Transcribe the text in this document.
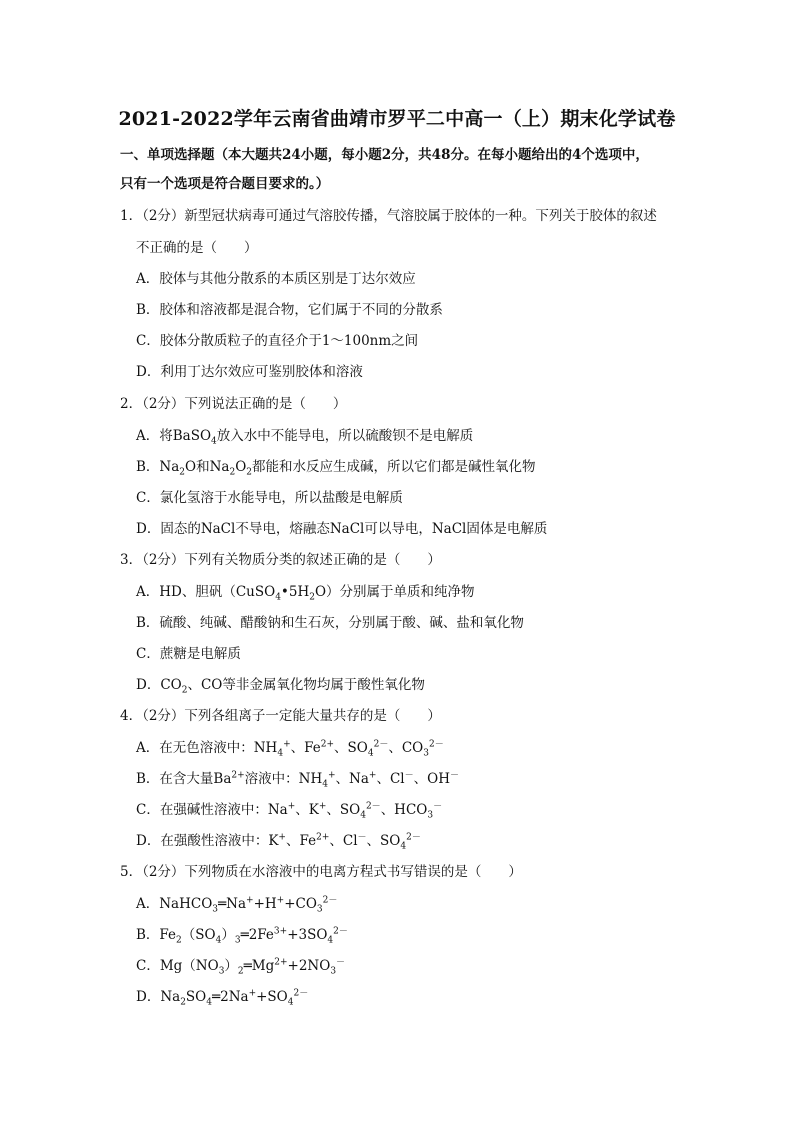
2021-2022学年云南省曲靖市罗平二中高一（上）期末化学试卷
一、单项选择题（本大题共24小题，每小题2分，共48分。在每小题给出的4个选项中，
只有一个选项是符合题目要求的。）
1．（2分）新型冠状病毒可通过气溶胶传播，气溶胶属于胶体的一种。下列关于胶体的叙述
不正确的是（　　）
A．胶体与其他分散系的本质区别是丁达尔效应
B．胶体和溶液都是混合物，它们属于不同的分散系
C．胶体分散质粒子的直径介于1～100nm之间
D．利用丁达尔效应可鉴别胶体和溶液
2．（2分）下列说法正确的是（　　）
A．将BaSO$_4$放入水中不能导电，所以硫酸钡不是电解质
B．$Na_2O$和$Na_2O_2$都能和水反应生成碱，所以它们都是碱性氧化物
C．氯化氢溶于水能导电，所以盐酸是电解质
D．固态的NaCl不导电，熔融态NaCl可以导电，NaCl固体是电解质
3．（2分）下列有关物质分类的叙述正确的是（　　）
A．HD、胆矾$(CuSO_4•5H_2O)$分别属于单质和纯净物
B．硫酸、纯碱、醋酸钠和生石灰，分别属于酸、碱、盐和氧化物
C．蔗糖是电解质
D．$CO_2$、CO等非金属氧化物均属于酸性氧化物
4．（2分）下列各组离子一定能大量共存的是（　　）
A．在无色溶液中：$NH_4^+$、$Fe^{2+}$、$SO_4^{2-}$、$CO_3^{2-}$
B．在含大量$Ba^{2+}$溶液中：$NH_4^+$、Na+、Cl－、OH－
C．在强碱性溶液中：Na+、K+、$SO_4^{2-}$、$HCO_3^-$
D．在强酸性溶液中：K+、$Fe^{2+}$、Cl－、$SO_4^{2-}$
5．（2分）下列物质在水溶液中的电离方程式书写错误的是（　　）
A．$NaHCO_3═Na^++H^++CO_3^{2-}$
B．$Fe_2(SO_4)_3═2Fe^{3+}+3SO_4^{2-}$
C．$Mg(NO_3)_2═Mg^{2+}+2NO_3^-$
D．$Na_2SO_4═2Na^++SO_4^{2-}$
